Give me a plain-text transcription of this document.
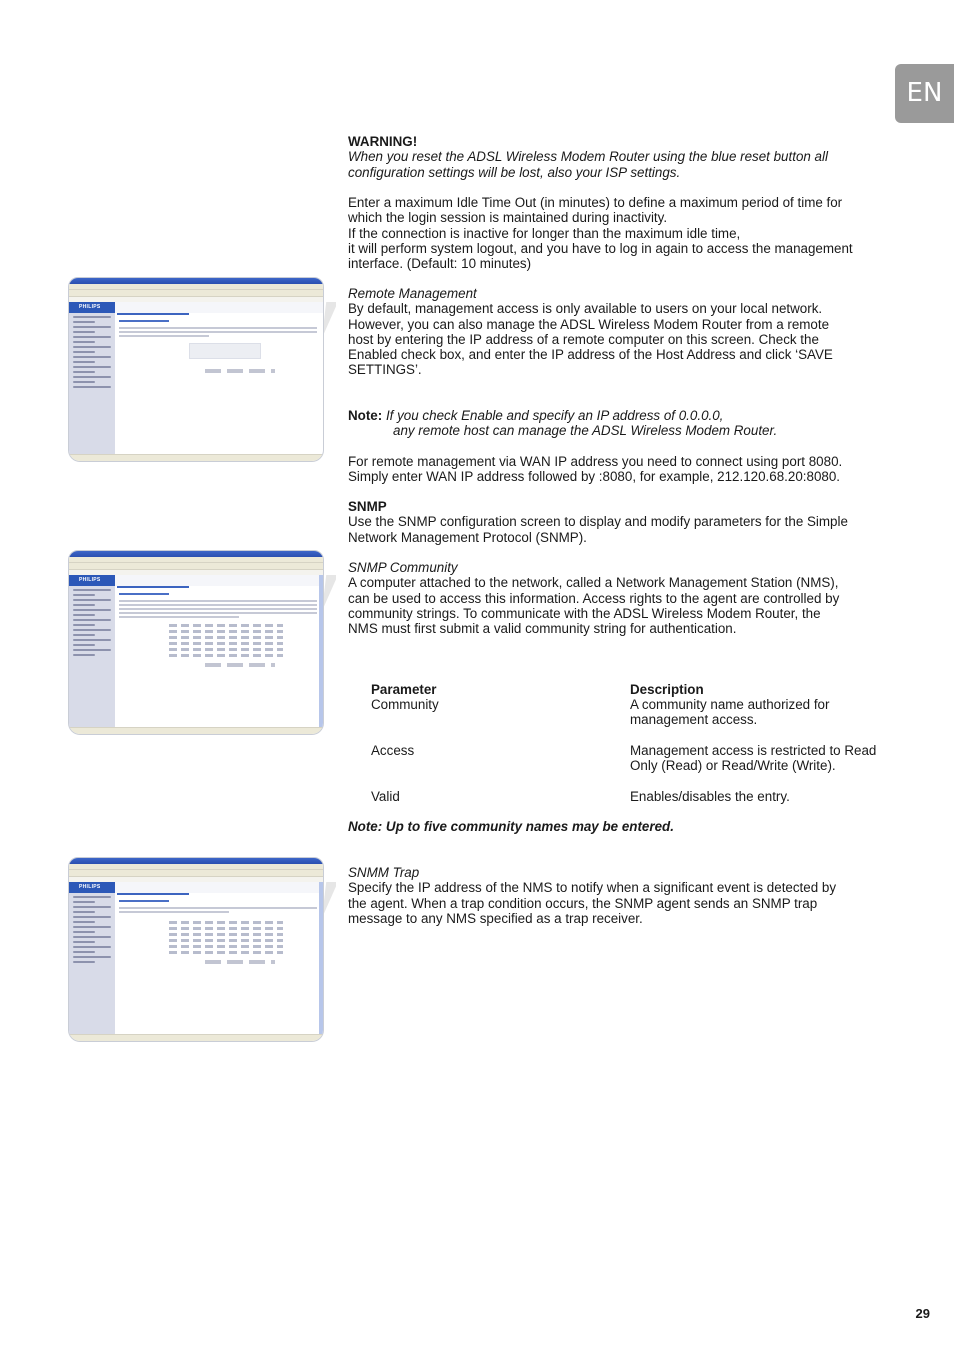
EN
PHILIPS
PHILIPS
PHILIPS

WARNING!

When you reset the ADSL Wireless Modem Router using the blue reset button all

configuration settings will be lost, also your ISP settings.

Enter a maximum Idle Time Out (in minutes) to define a maximum period of time for

which the login session is maintained during inactivity.

If the connection is inactive for longer than the maximum idle time,

it will perform system logout, and you have to log in again to access the management

interface. (Default: 10 minutes)

Remote Management

By default, management access is only available to users on your local network.

However, you can also manage the ADSL Wireless Modem Router from a remote

host by entering the IP address of a remote computer on this screen. Check the

Enabled check box, and enter the IP address of the Host Address and click ‘SAVE

SETTINGS’.

Note: If you check Enable and specify an IP address of 0.0.0.0,

any remote host can manage the ADSL Wireless Modem Router.

For remote management via WAN IP address you need to connect using port 8080.

Simply enter WAN IP address followed by :8080, for example, 212.120.68.20:8080.

SNMP

Use the SNMP configuration screen to display and modify parameters for the Simple

Network Management Protocol (SNMP).

SNMP Community

A computer attached to the network, called a Network Management Station (NMS),

can be used to access this information. Access rights to the agent are controlled by

community strings. To communicate with the ADSL Wireless Modem Router, the

NMS must first submit a valid community string for authentication.

Parameter	Description
Community	A community name authorized for
management access.
Access	Management access is restricted to Read
Only (Read) or Read/Write (Write).
Valid	Enables/disables the entry.
Note: Up to five community names may be entered.

SNMM Trap

Specify the IP address of the NMS to notify when a significant event is detected by

the agent. When a trap condition occurs, the SNMP agent sends an SNMP trap

message to any NMS specified as a trap receiver.

29
